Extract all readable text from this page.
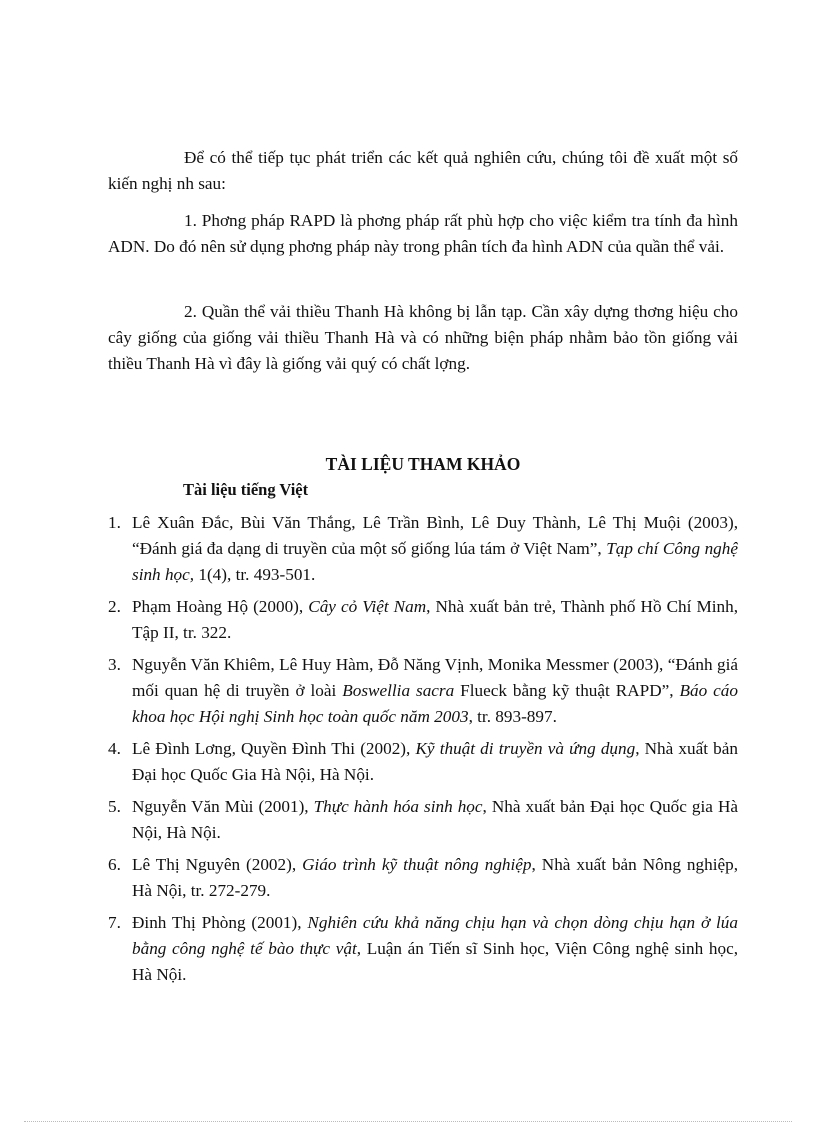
Để có thể tiếp tục phát triển các kết quả nghiên cứu, chúng tôi đề xuất một số kiến nghị nh sau:

1. Phơng pháp RAPD là phơng pháp rất phù hợp cho việc kiểm tra tính đa hình ADN. Do đó nên sử dụng phơng pháp này trong phân tích đa hình ADN của quần thể vải.

2. Quần thể vải thiều Thanh Hà không bị lẫn tạp. Cần xây dựng thơng hiệu cho cây giống của giống vải thiều Thanh Hà và có những biện pháp nhằm bảo tồn giống vải thiều Thanh Hà vì đây là giống vải quý có chất lợng.

TÀI LIỆU THAM KHẢO
Tài liệu tiếng Việt
1. Lê Xuân Đắc, Bùi Văn Thắng, Lê Trần Bình, Lê Duy Thành, Lê Thị Muội (2003), “Đánh giá đa dạng di truyền của một số giống lúa tám ở Việt Nam”, Tạp chí Công nghệ sinh học, 1(4), tr. 493-501.
2. Phạm Hoàng Hộ (2000), Cây cỏ Việt Nam, Nhà xuất bản trẻ, Thành phố Hồ Chí Minh, Tập II, tr. 322.
3. Nguyễn Văn Khiêm, Lê Huy Hàm, Đỗ Năng Vịnh, Monika Messmer (2003), “Đánh giá mối quan hệ di truyền ở loài Boswellia sacra Flueck bằng kỹ thuật RAPD”, Báo cáo khoa học Hội nghị Sinh học toàn quốc năm 2003, tr. 893-897.
4. Lê Đình Lơng, Quyền Đình Thi (2002), Kỹ thuật di truyền và ứng dụng, Nhà xuất bản Đại học Quốc Gia Hà Nội, Hà Nội.
5. Nguyễn Văn Mùi (2001), Thực hành hóa sinh học, Nhà xuất bản Đại học Quốc gia Hà Nội, Hà Nội.
6. Lê Thị Nguyên (2002), Giáo trình kỹ thuật nông nghiệp, Nhà xuất bản Nông nghiệp, Hà Nội, tr. 272-279.
7. Đinh Thị Phòng (2001), Nghiên cứu khả năng chịu hạn và chọn dòng chịu hạn ở lúa bằng công nghệ tế bào thực vật, Luận án Tiến sĩ Sinh học, Viện Công nghệ sinh học, Hà Nội.
